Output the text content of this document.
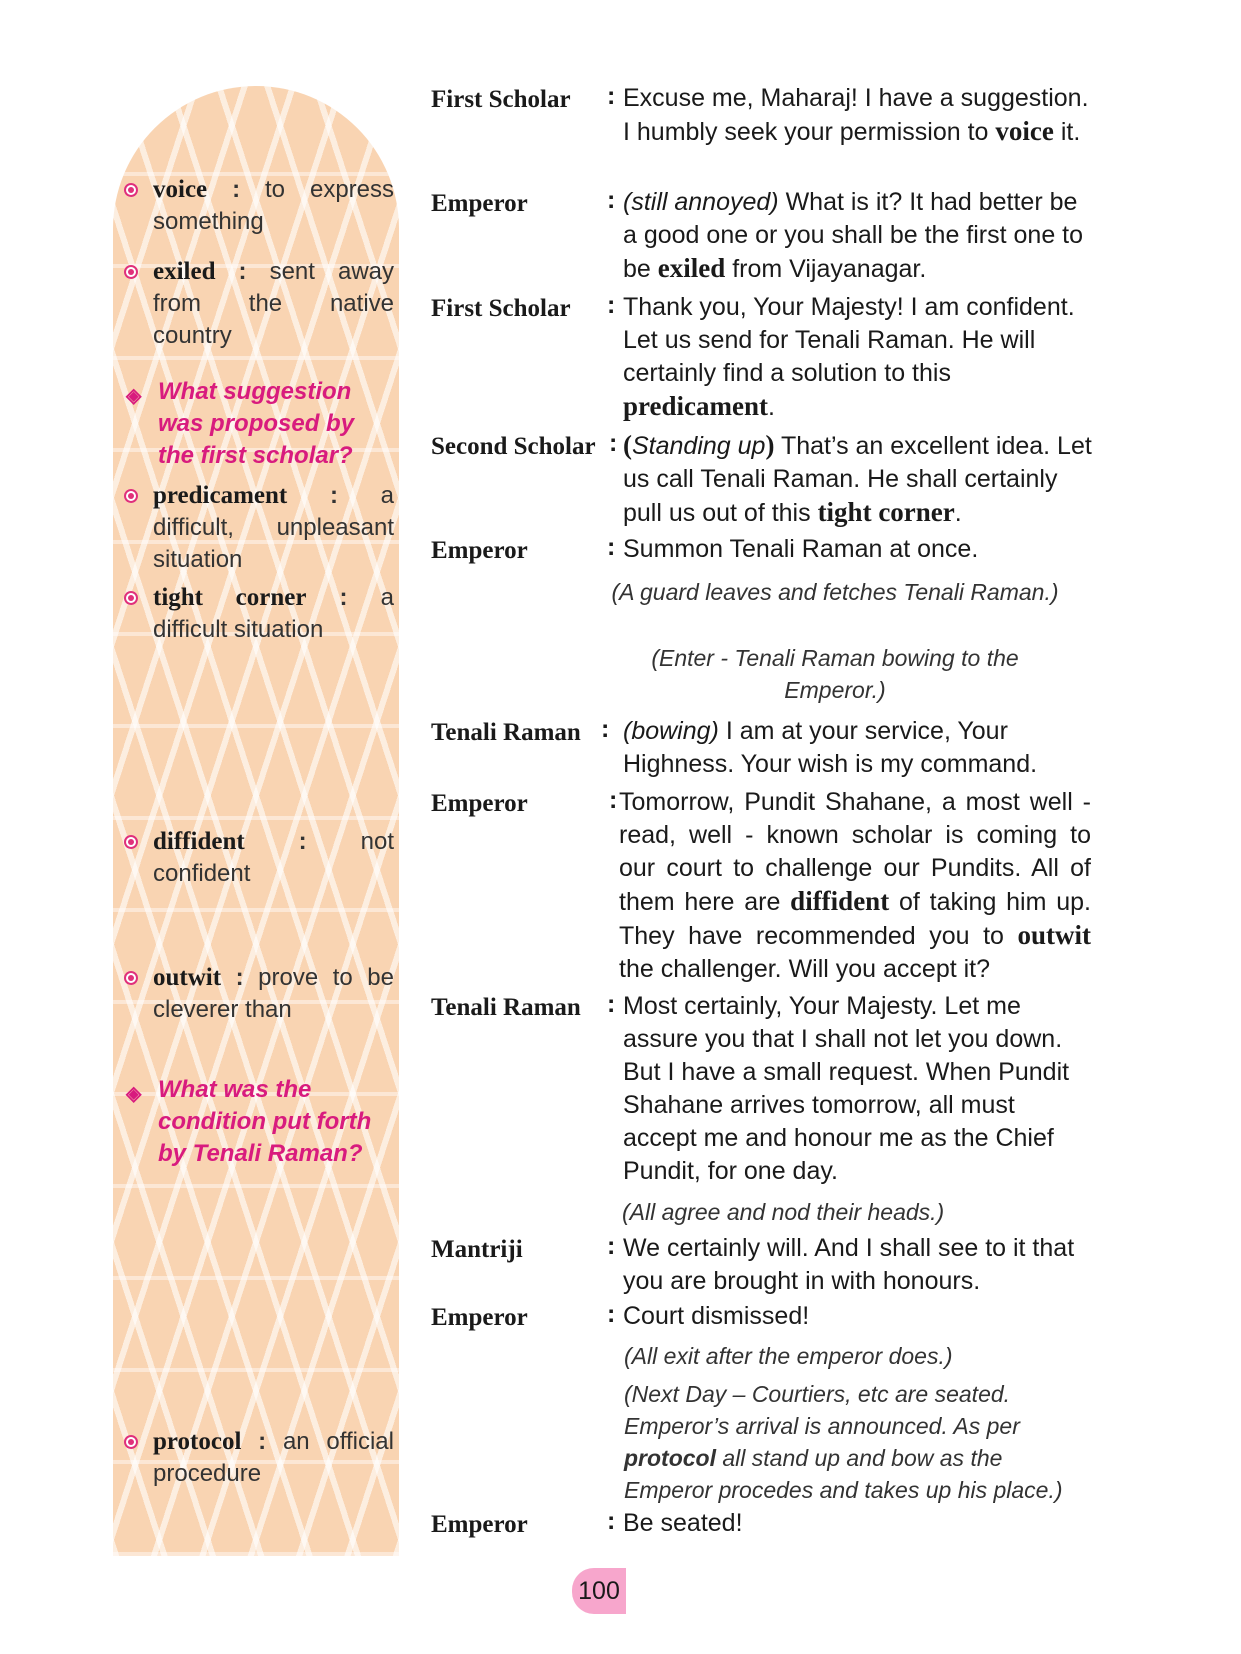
voice : to express something
exiled : sent away from the native country
◈ What suggestion was proposed by the first scholar?
predicament : a difficult, unpleasant situation
tight corner : a difficult situation
diffident : not confident
outwit : prove to be cleverer than
◈ What was the condition put forth by Tenali Raman?
protocol : an official procedure
First Scholar : Excuse me, Maharaj! I have a suggestion. I humbly seek your permission to voice it.
Emperor	: (still annoyed) What is it? It had better be a good one or you shall be the first one to be exiled from Vijayanagar.
First Scholar : Thank you, Your Majesty! I am confident. Let us send for Tenali Raman. He will certainly find a solution to this predicament.
Second Scholar : (Standing up) That’s an excellent idea. Let us call Tenali Raman. He shall certainly pull us out of this tight corner.
Emperor	: Summon Tenali Raman at once.
(A guard leaves and fetches Tenali Raman.)
(Enter - Tenali Raman bowing to the Emperor.)
Tenali Raman : (bowing) I am at your service, Your Highness. Your wish is my command.
Emperor	: Tomorrow, Pundit Shahane, a most well - read, well - known scholar is coming to our court to challenge our Pundits. All of them here are diffident of taking him up. They have recommended you to outwit the challenger. Will you accept it?
Tenali Raman : Most certainly, Your Majesty. Let me assure you that I shall not let you down. But I have a small request. When Pundit Shahane arrives tomorrow, all must accept me and honour me as the Chief Pundit, for one day.
(All agree and nod their heads.)
Mantriji	: We certainly will. And I shall see to it that you are brought in with honours.
Emperor	: Court dismissed!
(All exit after the emperor does.)
(Next Day – Courtiers, etc are seated. Emperor’s arrival is announced. As per protocol all stand up and bow as the Emperor procedes and takes up his place.)
Emperor	: Be seated!
100
